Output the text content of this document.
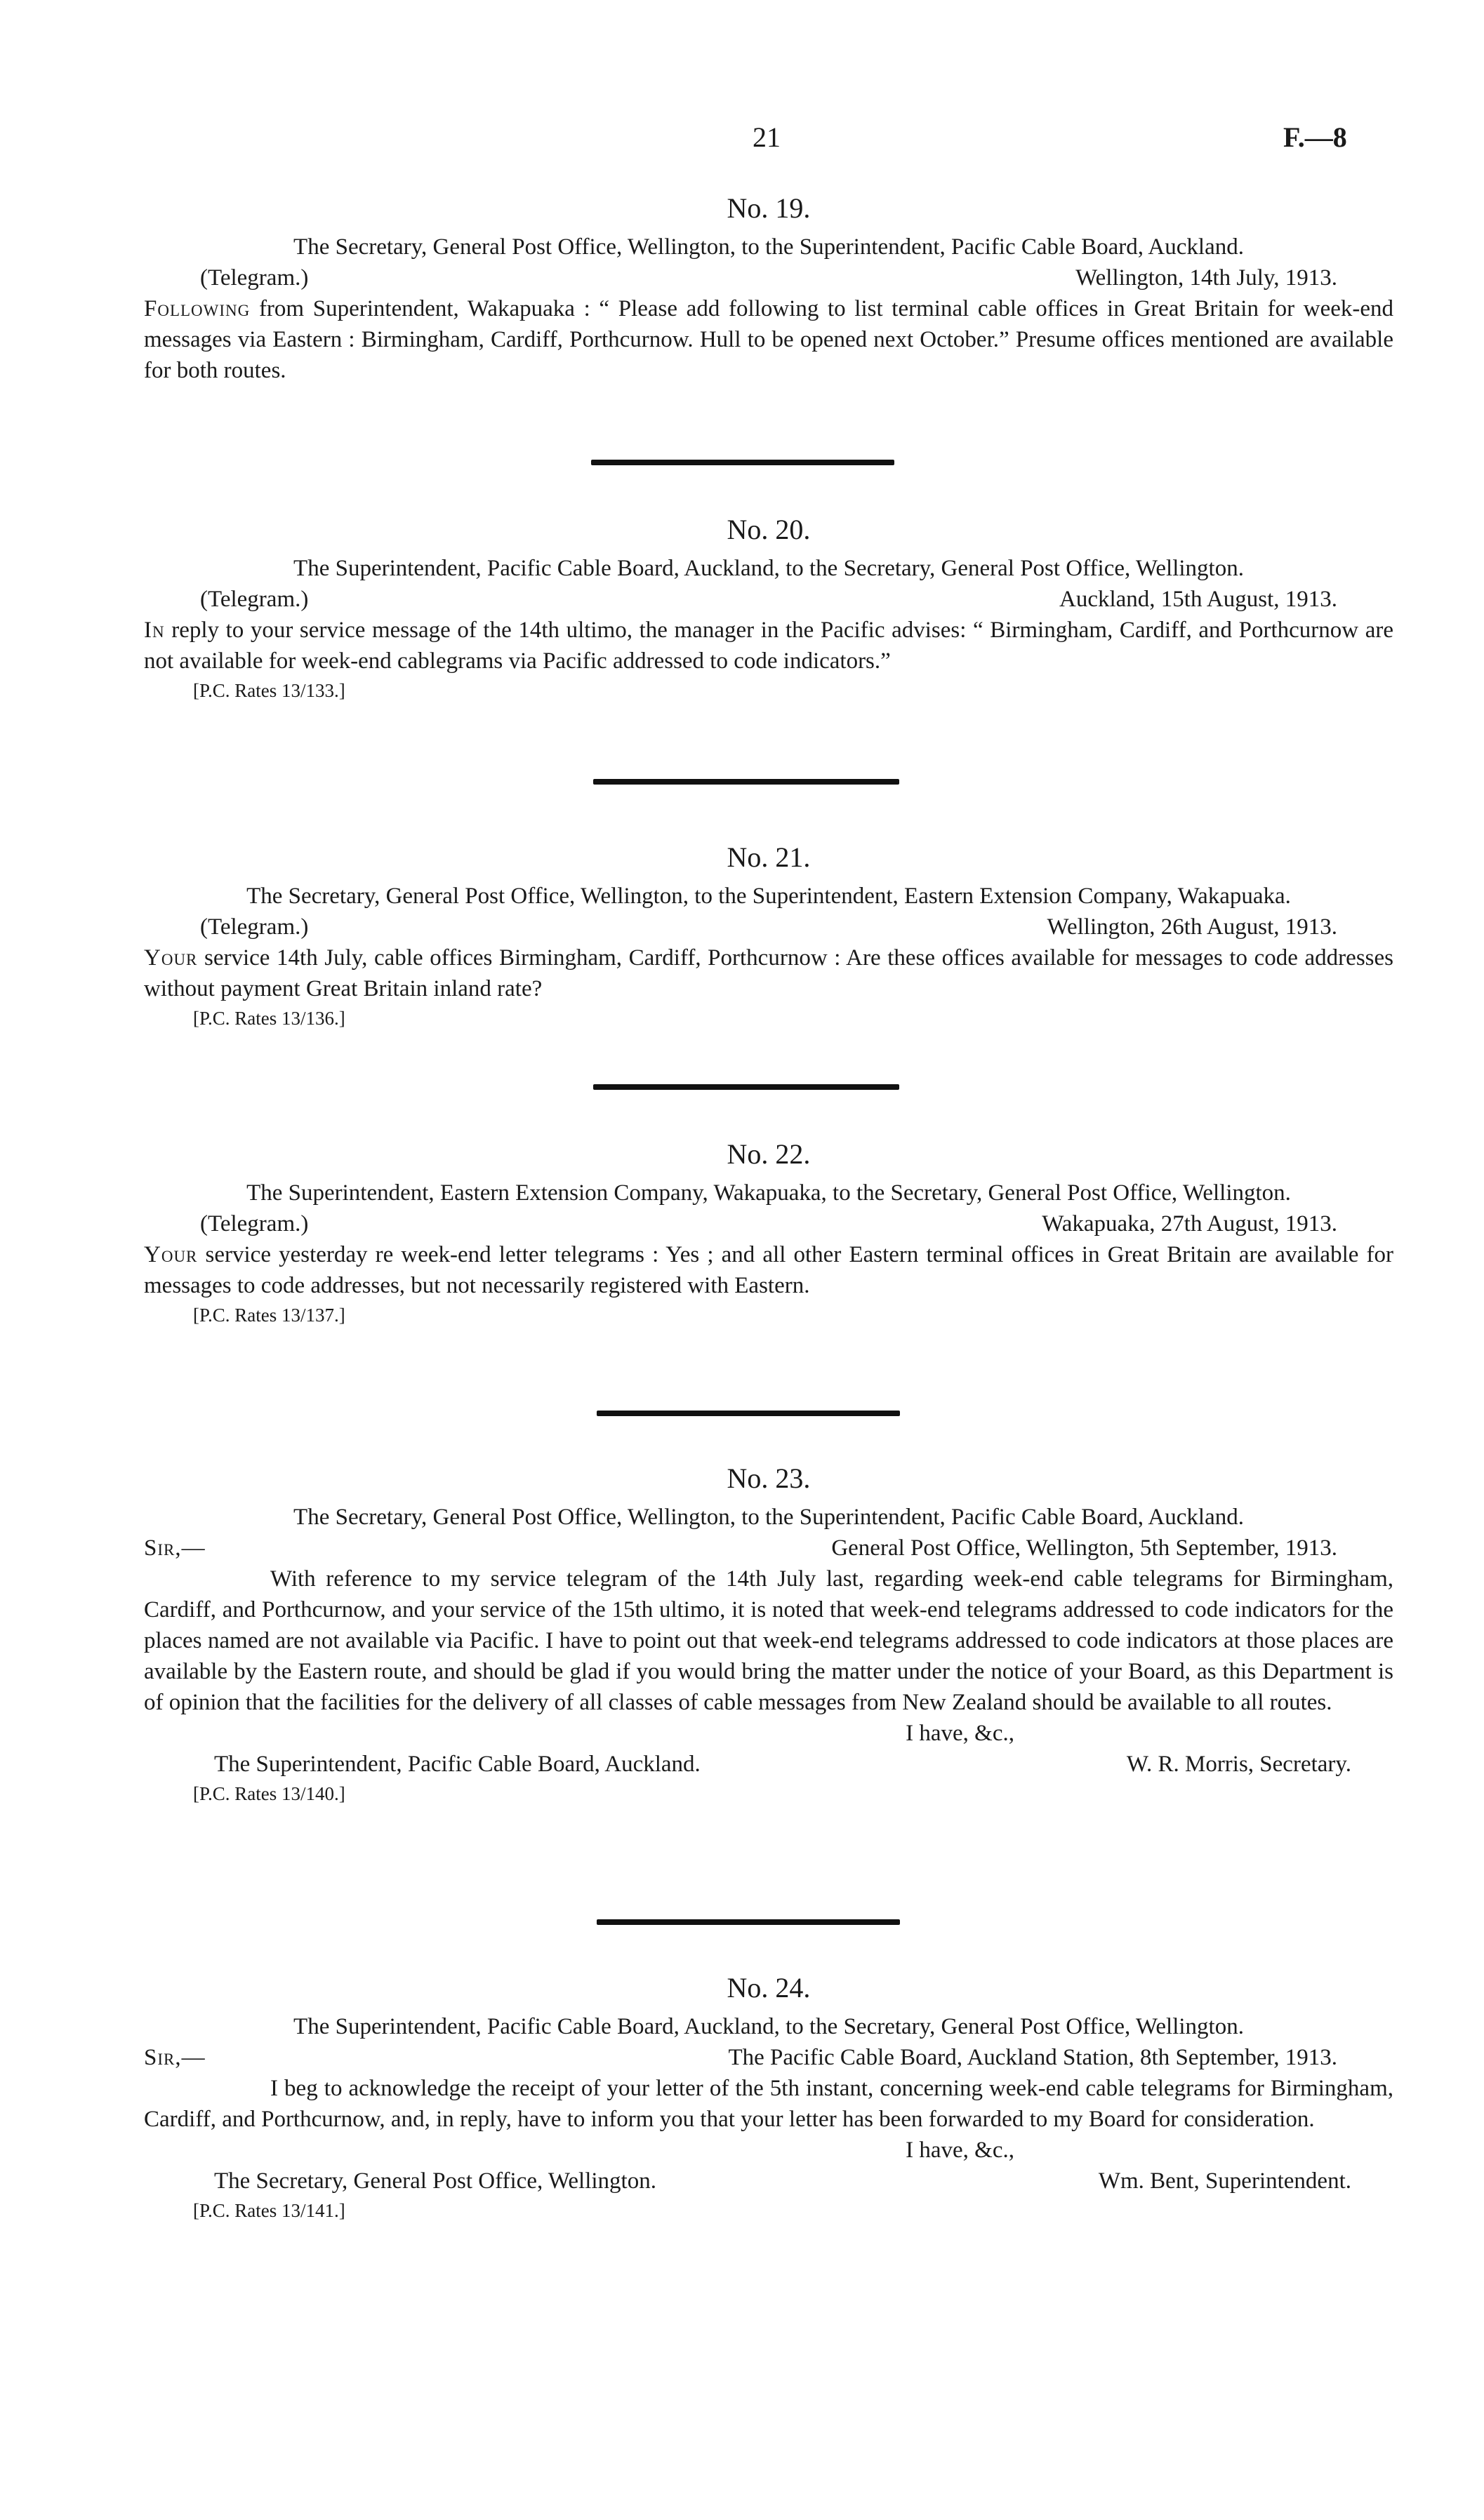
21	F.—8
No. 19.
The Secretary, General Post Office, Wellington, to the Superintendent, Pacific Cable Board, Auckland.
(Telegram.)	Wellington, 14th July, 1913.
Following from Superintendent, Wakapuaka : “ Please add following to list terminal cable offices in Great Britain for week-end messages via Eastern : Birmingham, Cardiff, Porthcurnow. Hull to be opened next October.” Presume offices mentioned are available for both routes.
No. 20.
The Superintendent, Pacific Cable Board, Auckland, to the Secretary, General Post Office, Wellington.
(Telegram.)	Auckland, 15th August, 1913.
In reply to your service message of the 14th ultimo, the manager in the Pacific advises: “ Birmingham, Cardiff, and Porthcurnow are not available for week-end cablegrams via Pacific addressed to code indicators.”
[P.C. Rates 13/133.]
No. 21.
The Secretary, General Post Office, Wellington, to the Superintendent, Eastern Extension Company, Wakapuaka.
(Telegram.)	Wellington, 26th August, 1913.
Your service 14th July, cable offices Birmingham, Cardiff, Porthcurnow : Are these offices available for messages to code addresses without payment Great Britain inland rate?
[P.C. Rates 13/136.]
No. 22.
The Superintendent, Eastern Extension Company, Wakapuaka, to the Secretary, General Post Office, Wellington.
(Telegram.)	Wakapuaka, 27th August, 1913.
Your service yesterday re week-end letter telegrams : Yes ; and all other Eastern terminal offices in Great Britain are available for messages to code addresses, but not necessarily registered with Eastern.
[P.C. Rates 13/137.]
No. 23.
The Secretary, General Post Office, Wellington, to the Superintendent, Pacific Cable Board, Auckland.
Sir,—	General Post Office, Wellington, 5th September, 1913.
With reference to my service telegram of the 14th July last, regarding week-end cable telegrams for Birmingham, Cardiff, and Porthcurnow, and your service of the 15th ultimo, it is noted that week-end telegrams addressed to code indicators for the places named are not available via Pacific. I have to point out that week-end telegrams addressed to code indicators at those places are available by the Eastern route, and should be glad if you would bring the matter under the notice of your Board, as this Department is of opinion that the facilities for the delivery of all classes of cable messages from New Zealand should be available to all routes.
I have, &c.,
The Superintendent, Pacific Cable Board, Auckland.	W. R. Morris, Secretary.
[P.C. Rates 13/140.]
No. 24.
The Superintendent, Pacific Cable Board, Auckland, to the Secretary, General Post Office, Wellington.
Sir,—	The Pacific Cable Board, Auckland Station, 8th September, 1913.
I beg to acknowledge the receipt of your letter of the 5th instant, concerning week-end cable telegrams for Birmingham, Cardiff, and Porthcurnow, and, in reply, have to inform you that your letter has been forwarded to my Board for consideration.
I have, &c.,
The Secretary, General Post Office, Wellington.	Wm. Bent, Superintendent.
[P.C. Rates 13/141.]
